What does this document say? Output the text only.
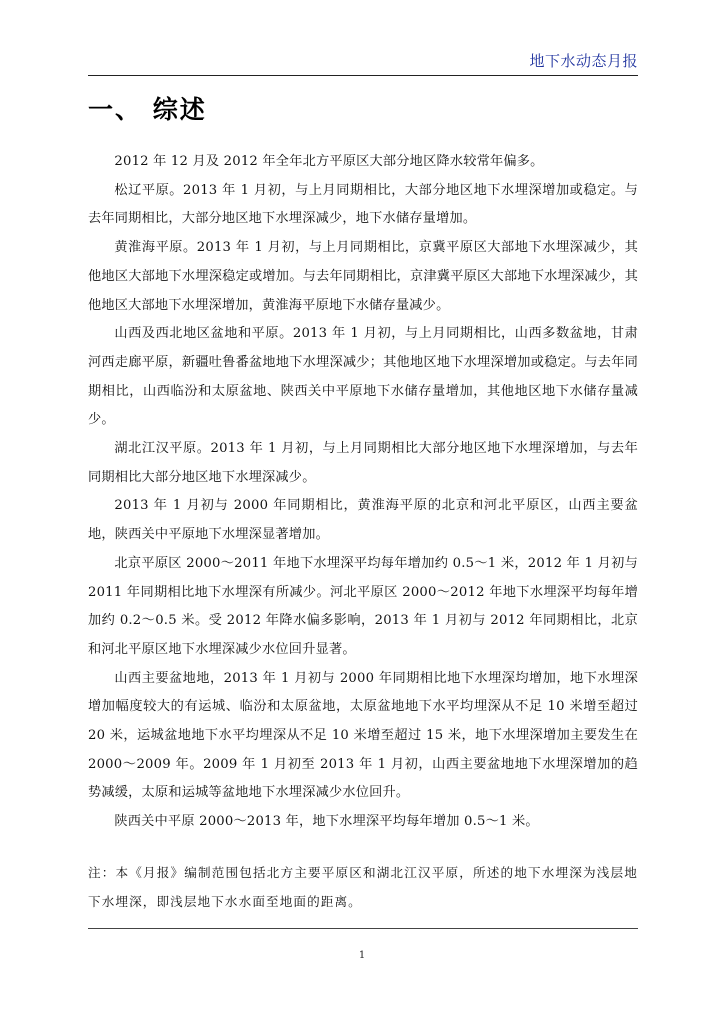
地下水动态月报
一、 综述

2012 年 12 月及 2012 年全年北方平原区大部分地区降水较常年偏多。

松辽平原。2013 年 1 月初，与上月同期相比，大部分地区地下水埋深增加或稳定。与去年同期相比，大部分地区地下水埋深减少，地下水储存量增加。

黄淮海平原。2013 年 1 月初，与上月同期相比，京冀平原区大部地下水埋深减少，其他地区大部地下水埋深稳定或增加。与去年同期相比，京津冀平原区大部地下水埋深减少，其他地区大部地下水埋深增加，黄淮海平原地下水储存量减少。

山西及西北地区盆地和平原。2013 年 1 月初，与上月同期相比，山西多数盆地，甘肃河西走廊平原，新疆吐鲁番盆地地下水埋深减少；其他地区地下水埋深增加或稳定。与去年同期相比，山西临汾和太原盆地、陕西关中平原地下水储存量增加，其他地区地下水储存量减少。

湖北江汉平原。2013 年 1 月初，与上月同期相比大部分地区地下水埋深增加，与去年同期相比大部分地区地下水埋深减少。

2013 年 1 月初与 2000 年同期相比，黄淮海平原的北京和河北平原区，山西主要盆地，陕西关中平原地下水埋深显著增加。

北京平原区 2000～2011 年地下水埋深平均每年增加约 0.5～1 米，2012 年 1 月初与 2011 年同期相比地下水埋深有所减少。河北平原区 2000～2012 年地下水埋深平均每年增加约 0.2～0.5 米。受 2012 年降水偏多影响，2013 年 1 月初与 2012 年同期相比，北京和河北平原区地下水埋深减少水位回升显著。

山西主要盆地地，2013 年 1 月初与 2000 年同期相比地下水埋深均增加，地下水埋深增加幅度较大的有运城、临汾和太原盆地，太原盆地地下水平均埋深从不足 10 米增至超过 20 米，运城盆地地下水平均埋深从不足 10 米增至超过 15 米，地下水埋深增加主要发生在 2000～2009 年。2009 年 1 月初至 2013 年 1 月初，山西主要盆地地下水埋深增加的趋势减缓，太原和运城等盆地地下水埋深减少水位回升。

陕西关中平原 2000～2013 年，地下水埋深平均每年增加 0.5～1 米。

注：本《月报》编制范围包括北方主要平原区和湖北江汉平原，所述的地下水埋深为浅层地下水埋深，即浅层地下水水面至地面的距离。
1
